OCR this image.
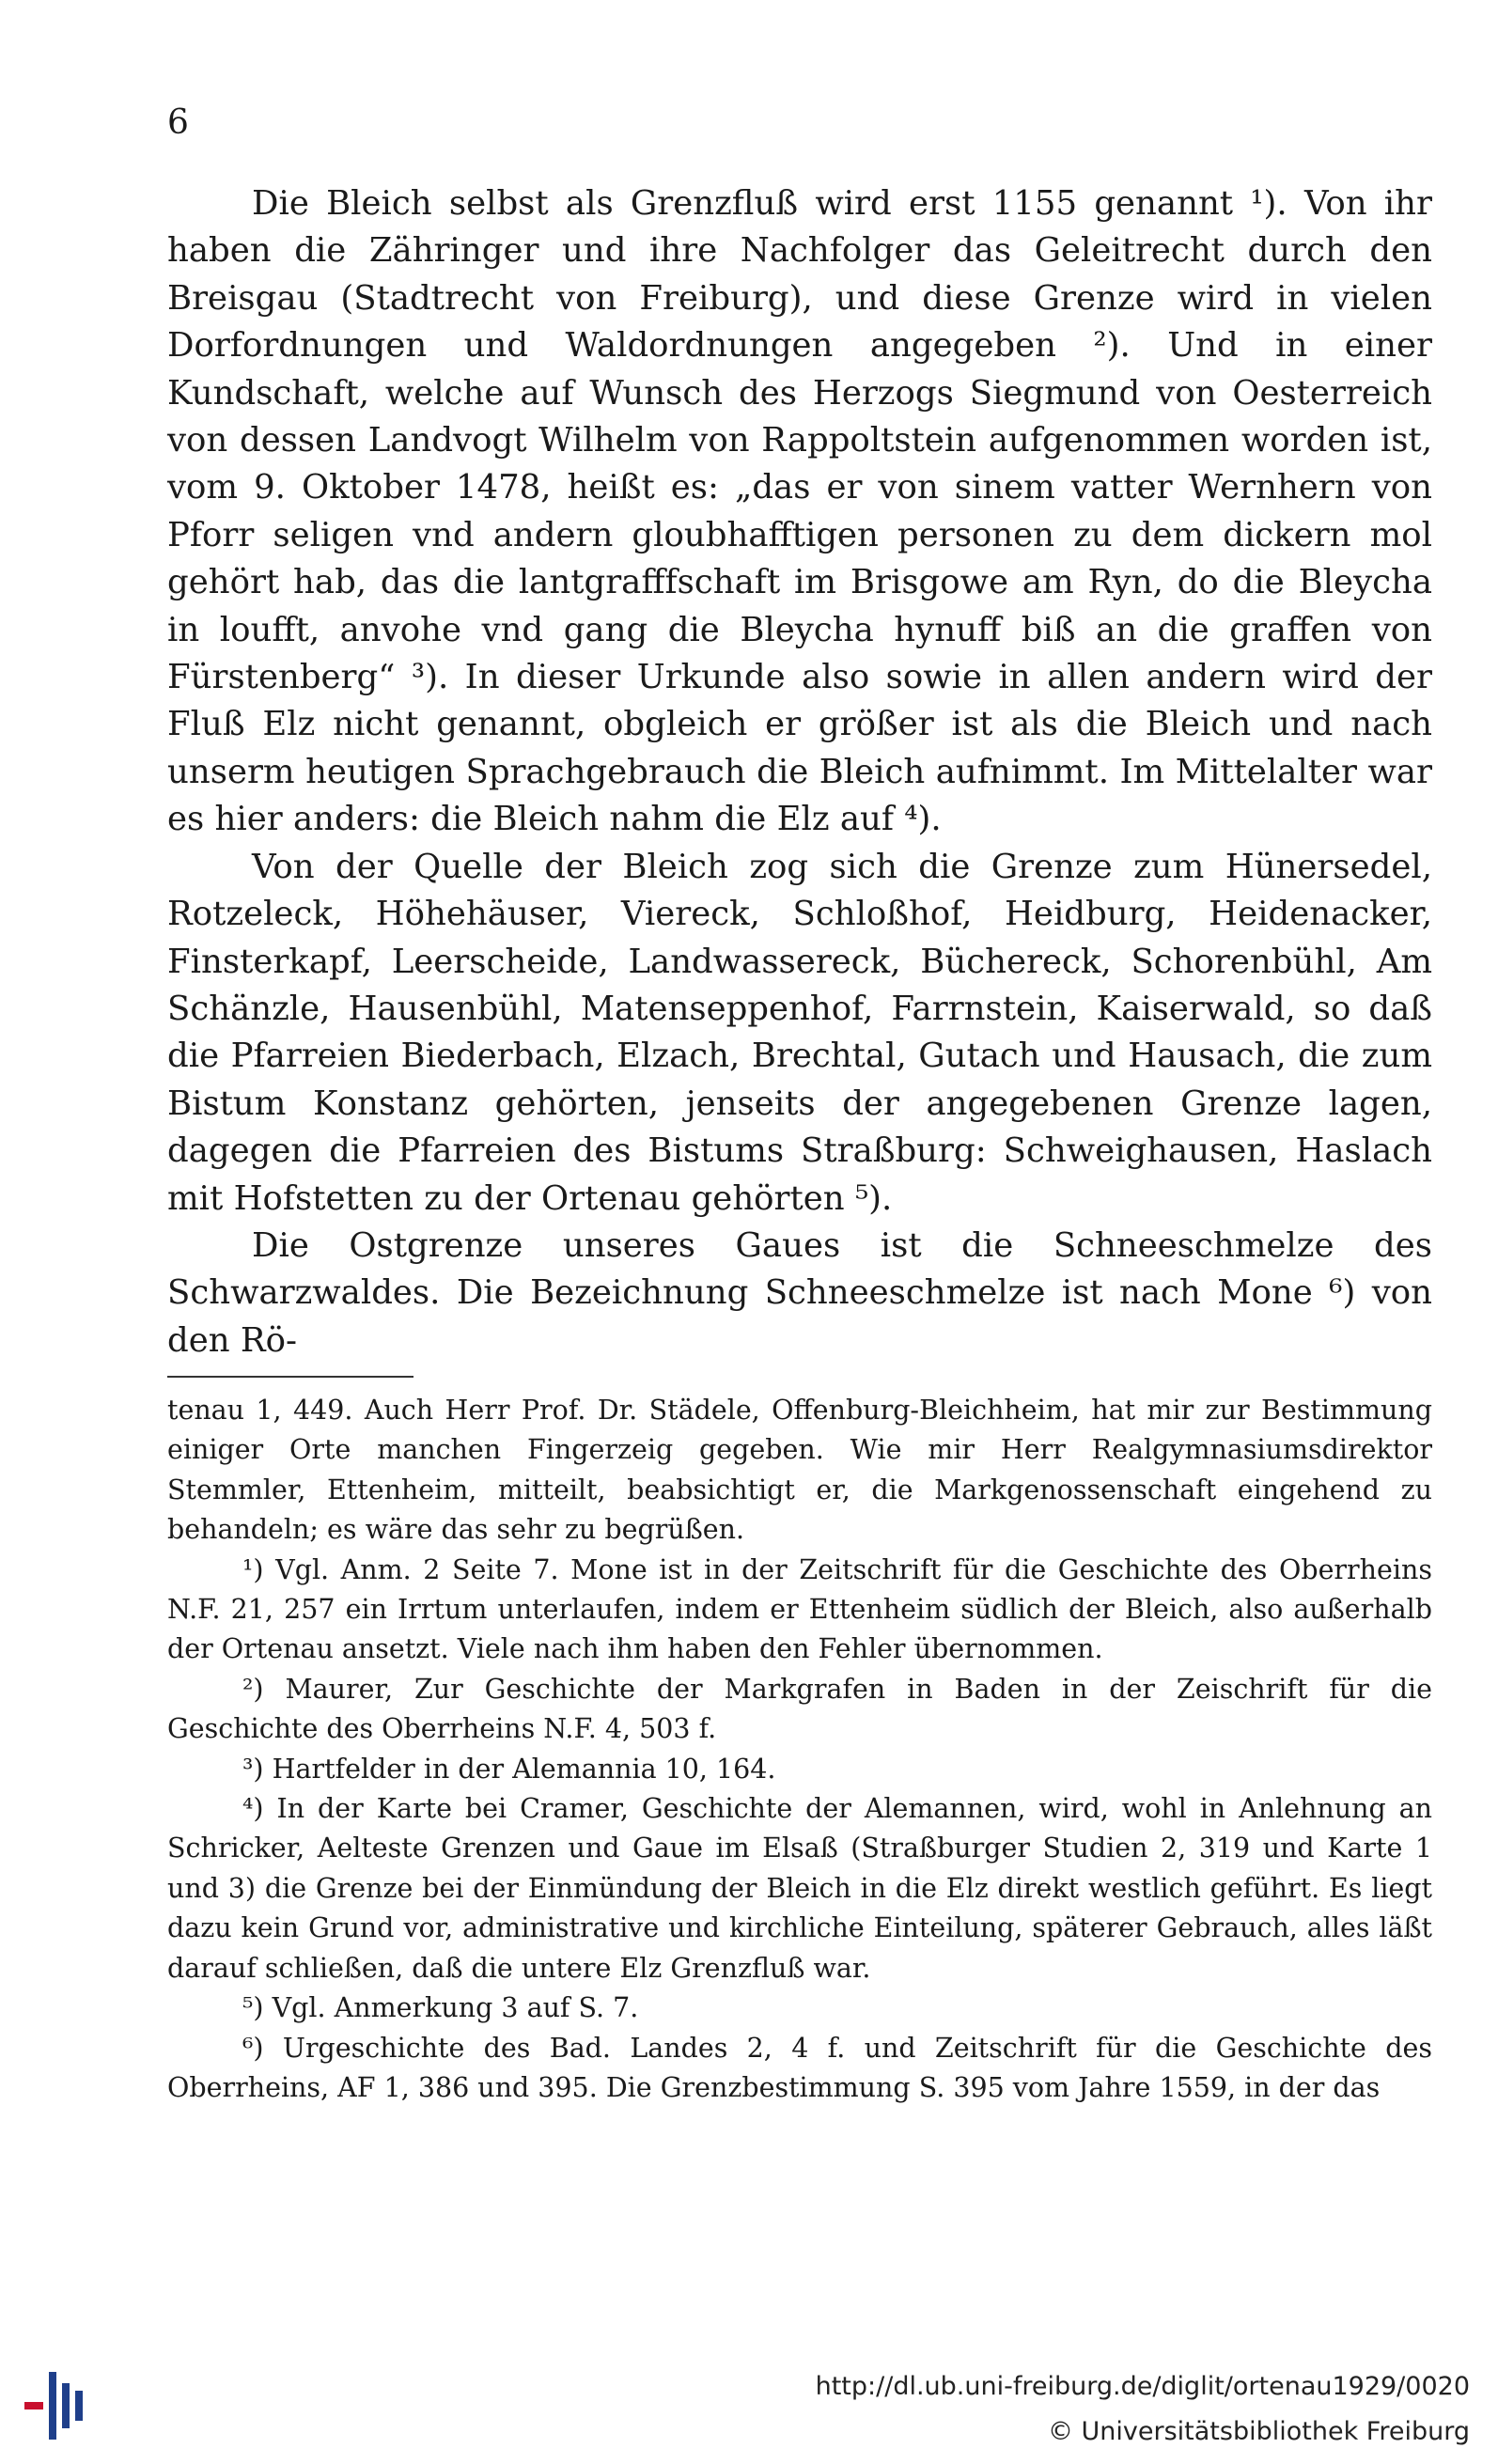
6

Die Bleich selbst als Grenzfluß wird erst 1155 genannt ¹). Von ihr haben die Zähringer und ihre Nachfolger das Geleitrecht durch den Breisgau (Stadtrecht von Freiburg), und diese Grenze wird in vielen Dorfordnungen und Waldordnungen angegeben ²). Und in einer Kundschaft, welche auf Wunsch des Herzogs Siegmund von Oesterreich von dessen Landvogt Wilhelm von Rappoltstein aufgenommen worden ist, vom 9. Oktober 1478, heißt es: „das er von sinem vatter Wernhern von Pforr seligen vnd andern gloubhafftigen personen zu dem dickern mol gehört hab, das die lantgrafffschaft im Brisgowe am Ryn, do die Bleycha in loufft, anvohe vnd gang die Bleycha hynuff biß an die graffen von Fürstenberg“ ³). In dieser Urkunde also sowie in allen andern wird der Fluß Elz nicht genannt, obgleich er größer ist als die Bleich und nach unserm heutigen Sprachgebrauch die Bleich aufnimmt. Im Mittelalter war es hier anders: die Bleich nahm die Elz auf ⁴).

Von der Quelle der Bleich zog sich die Grenze zum Hünersedel, Rotzeleck, Höhehäuser, Viereck, Schloßhof, Heidburg, Heidenacker, Finsterkapf, Leerscheide, Landwassereck, Büchereck, Schorenbühl, Am Schänzle, Hausenbühl, Matenseppenhof, Farrnstein, Kaiserwald, so daß die Pfarreien Biederbach, Elzach, Brechtal, Gutach und Hausach, die zum Bistum Konstanz gehörten, jenseits der angegebenen Grenze lagen, dagegen die Pfarreien des Bistums Straßburg: Schweighausen, Haslach mit Hofstetten zu der Ortenau gehörten ⁵).

Die Ostgrenze unseres Gaues ist die Schneeschmelze des Schwarzwaldes. Die Bezeichnung Schneeschmelze ist nach Mone ⁶) von den Rö-

tenau 1, 449. Auch Herr Prof. Dr. Städele, Offenburg-Bleichheim, hat mir zur Bestimmung einiger Orte manchen Fingerzeig gegeben. Wie mir Herr Realgymnasiumsdirektor Stemmler, Ettenheim, mitteilt, beabsichtigt er, die Markgenossenschaft eingehend zu behandeln; es wäre das sehr zu begrüßen.

¹) Vgl. Anm. 2 Seite 7. Mone ist in der Zeitschrift für die Geschichte des Oberrheins N.F. 21, 257 ein Irrtum unterlaufen, indem er Ettenheim südlich der Bleich, also außerhalb der Ortenau ansetzt. Viele nach ihm haben den Fehler übernommen.

²) Maurer, Zur Geschichte der Markgrafen in Baden in der Zeischrift für die Geschichte des Oberrheins N.F. 4, 503 f.

³) Hartfelder in der Alemannia 10, 164.

⁴) In der Karte bei Cramer, Geschichte der Alemannen, wird, wohl in Anlehnung an Schricker, Aelteste Grenzen und Gaue im Elsaß (Straßburger Studien 2, 319 und Karte 1 und 3) die Grenze bei der Einmündung der Bleich in die Elz direkt westlich geführt. Es liegt dazu kein Grund vor, administrative und kirchliche Einteilung, späterer Gebrauch, alles läßt darauf schließen, daß die untere Elz Grenzfluß war.

⁵) Vgl. Anmerkung 3 auf S. 7.

⁶) Urgeschichte des Bad. Landes 2, 4 f. und Zeitschrift für die Geschichte des Oberrheins, AF 1, 386 und 395. Die Grenzbestimmung S. 395 vom Jahre 1559, in der das

http://dl.ub.uni-freiburg.de/diglit/ortenau1929/0020
© Universitätsbibliothek Freiburg
